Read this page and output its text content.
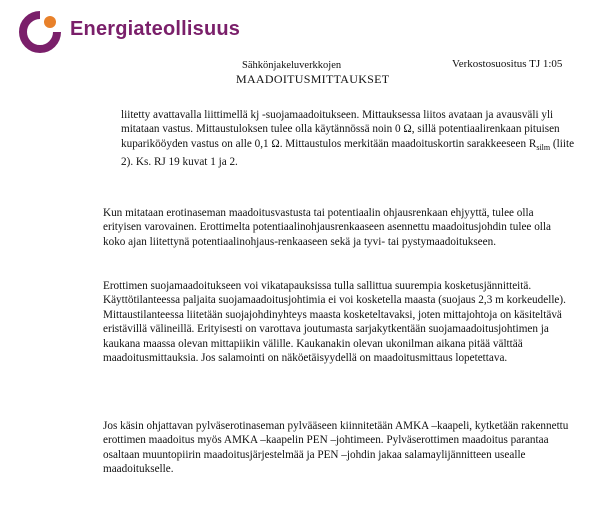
Energiateollisuus
Sähkönjakeluverkkojen	Verkostosuositus TJ 1:05
MAADOITUSMITTAUKSET

liitetty avattavalla liittimellä kj -suojamaadoitukseen. Mittauksessa liitos avataan ja avausväli yli mitataan vastus. Mittaustuloksen tulee olla käytännössä noin 0 Ω, sillä potentiaalirenkaan pituisen kuparikööyden vastus on alle 0,1 Ω. Mittaustulos merkitään maadoituskortin sarakkeeseen $R_{silm}$ (liite 2). Ks. RJ 19 kuvat 1 ja 2.

Kun mitataan erotinaseman maadoitusvastusta tai potentiaalin ohjausrenkaan ehjyyttä, tulee olla erityisen varovainen. Erottimelta potentiaalinohjausrenkaaseen asennettu maadoitusjohdin tulee olla koko ajan liitettynä potentiaalinohjaus-renkaaseen sekä ja tyvi- tai pystymaadoitukseen.

Erottimen suojamaadoitukseen voi vikatapauksissa tulla sallittua suurempia kosketusjännitteitä. Käyttötilanteessa paljaita suojamaadoitusjohtimia ei voi kosketella maasta (suojaus 2,3 m korkeudelle). Mittaustilanteessa liitetään suojajohdinyhteys maasta kosketeltavaksi, joten mittajohtoja on käsiteltävä eristävillä välineillä. Erityisesti on varottava joutumasta sarjakytkentään suojamaadoitusjohtimen ja kaukana maassa olevan mittapiikin välille. Kaukanakin olevan ukonilman aikana pitää välttää maadoitusmittauksia. Jos salamointi on näköetäisyydellä on maadoitusmittaus lopetettava.

Jos käsin ohjattavan pylväserotinaseman pylvääseen kiinnitetään AMKA –kaapeli, kytketään rakennettu erottimen maadoitus myös AMKA –kaapelin PEN –johtimeen. Pylväserottimen maadoitus parantaa osaltaan muuntopiirin maadoitusjärjestelmää ja PEN –johdin jakaa salamaylijännitteen usealle maadoitukselle.
